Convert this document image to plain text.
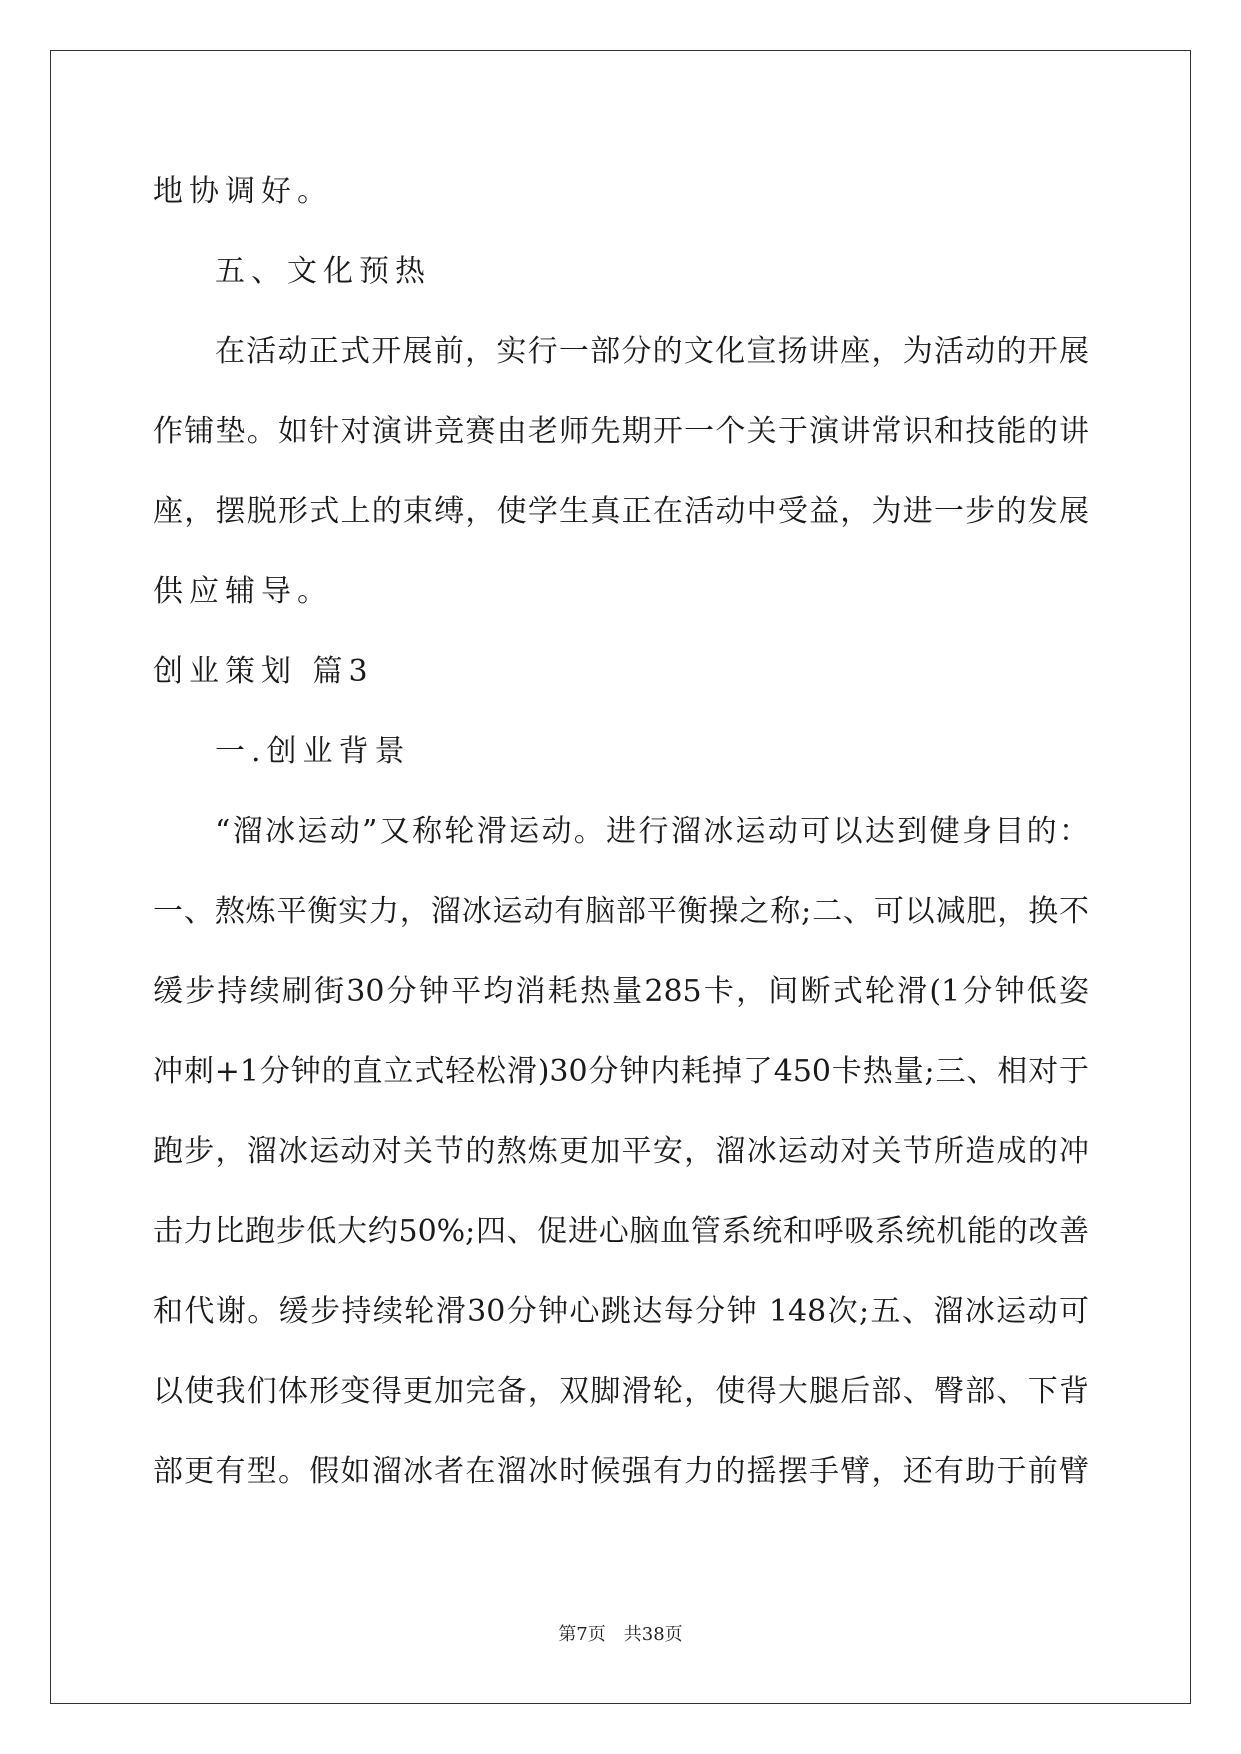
地协调好。

五、文化预热

在活动正式开展前，实行一部分的文化宣扬讲座，为活动的开展

作铺垫。如针对演讲竞赛由老师先期开一个关于演讲常识和技能的讲

座，摆脱形式上的束缚，使学生真正在活动中受益，为进一步的发展

供应辅导。

创业策划 篇3

一.创业背景

“溜冰运动”又称轮滑运动。进行溜冰运动可以达到健身目的：

一、熬炼平衡实力，溜冰运动有脑部平衡操之称;二、可以减肥，换不

缓步持续刷街30分钟平均消耗热量285卡，间断式轮滑(1分钟低姿

冲刺+1分钟的直立式轻松滑)30分钟内耗掉了450卡热量;三、相对于

跑步，溜冰运动对关节的熬炼更加平安，溜冰运动对关节所造成的冲

击力比跑步低大约50%;四、促进心脑血管系统和呼吸系统机能的改善

和代谢。缓步持续轮滑30分钟心跳达每分钟 148次;五、溜冰运动可

以使我们体形变得更加完备，双脚滑轮，使得大腿后部、臀部、下背

部更有型。假如溜冰者在溜冰时候强有力的摇摆手臂，还有助于前臂

第7页　共38页
